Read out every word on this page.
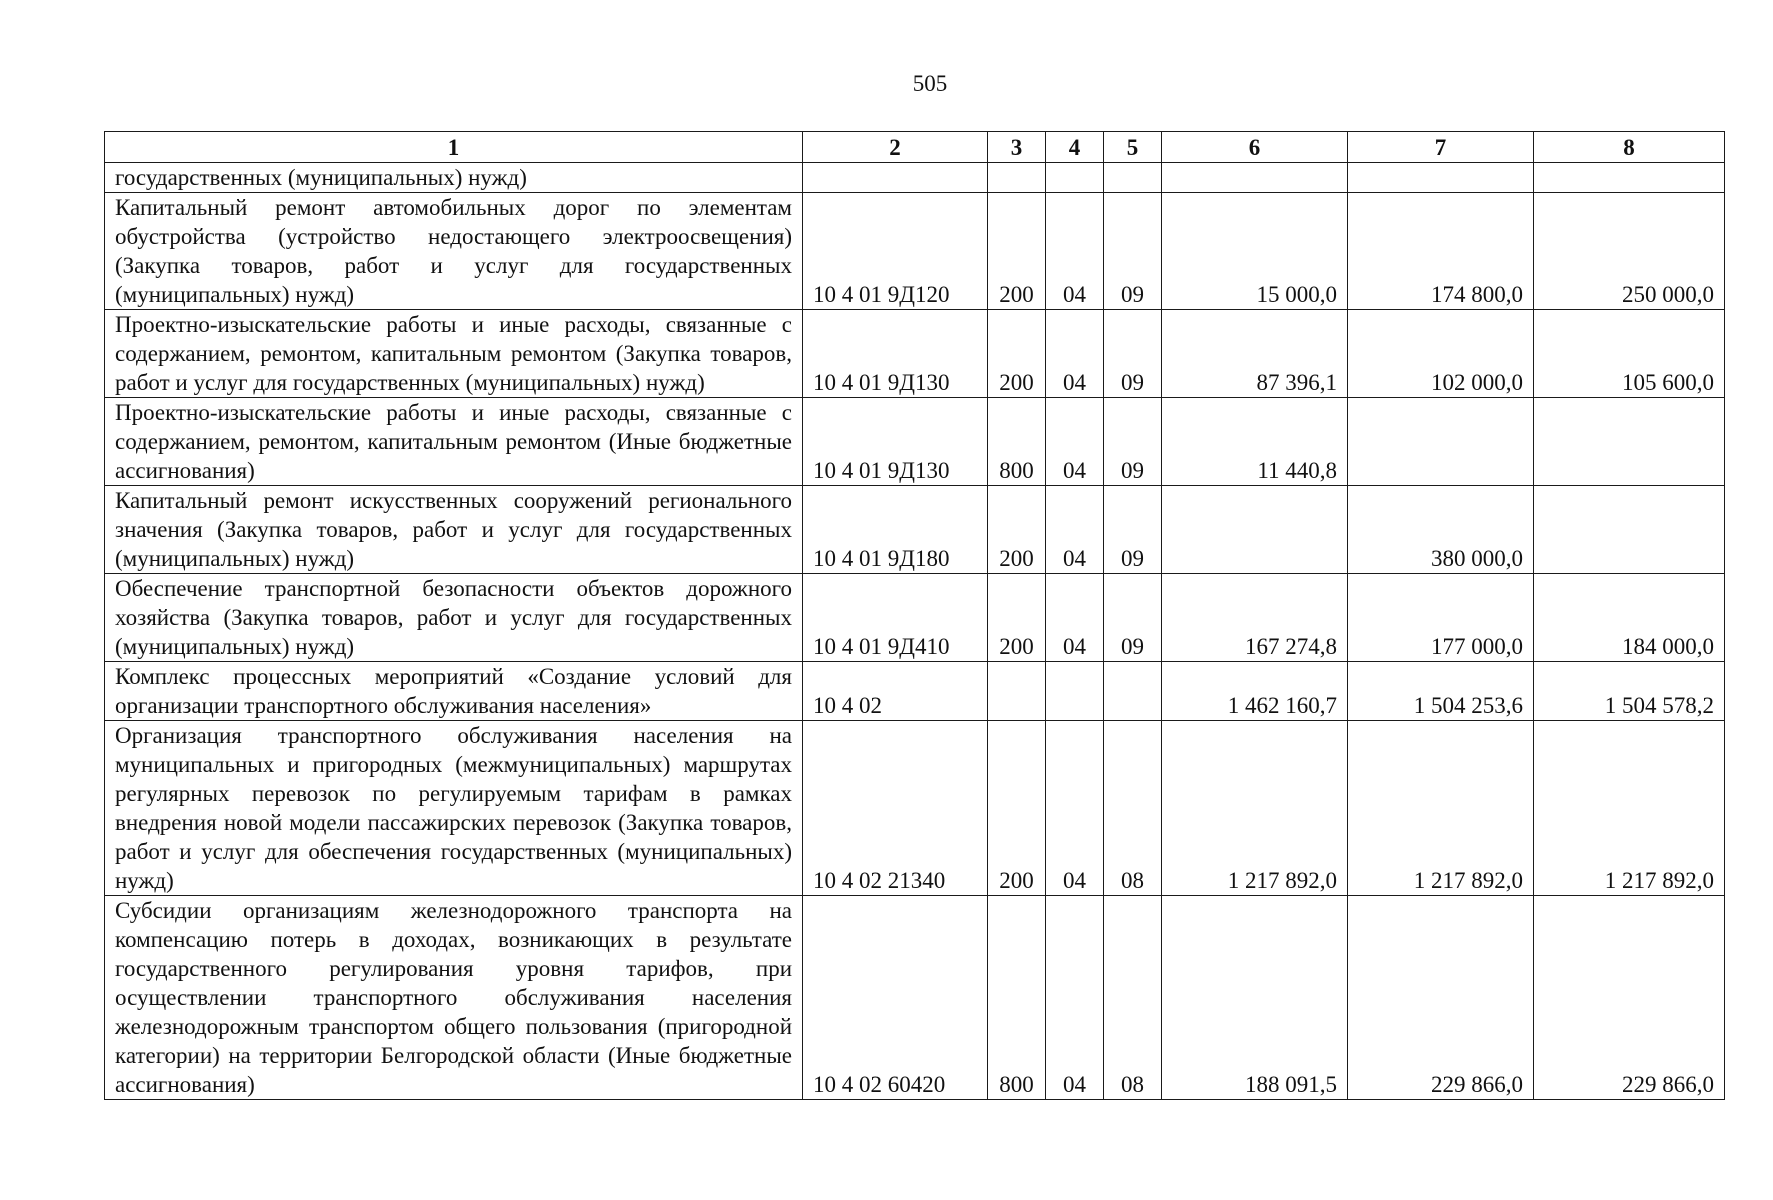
505
1	2	3	4	5	6	7	8
государственных (муниципальных) нужд)							
Капитальный ремонт автомобильных дорог по элементам обустройства (устройство недостающего электроосвещения) (Закупка товаров, работ и услуг для государственных (муниципальных) нужд)	10 4 01 9Д120	200	04	09	15 000,0	174 800,0	250 000,0
Проектно-изыскательские работы и иные расходы, связанные с содержанием, ремонтом, капитальным ремонтом (Закупка товаров, работ и услуг для государственных (муниципальных) нужд)	10 4 01 9Д130	200	04	09	87 396,1	102 000,0	105 600,0
Проектно-изыскательские работы и иные расходы, связанные с содержанием, ремонтом, капитальным ремонтом (Иные бюджетные ассигнования)	10 4 01 9Д130	800	04	09	11 440,8		
Капитальный ремонт искусственных сооружений регионального значения (Закупка товаров, работ и услуг для государственных (муниципальных) нужд)	10 4 01 9Д180	200	04	09		380 000,0	
Обеспечение транспортной безопасности объектов дорожного хозяйства (Закупка товаров, работ и услуг для государственных (муниципальных) нужд)	10 4 01 9Д410	200	04	09	167 274,8	177 000,0	184 000,0
Комплекс процессных мероприятий «Создание условий для организации транспортного обслуживания населения»	10 4 02				1 462 160,7	1 504 253,6	1 504 578,2
Организация транспортного обслуживания населения на муниципальных и пригородных (межмуниципальных) маршрутах регулярных перевозок по регулируемым тарифам в рамках внедрения новой модели пассажирских перевозок (Закупка товаров, работ и услуг для обеспечения государственных (муниципальных) нужд)	10 4 02 21340	200	04	08	1 217 892,0	1 217 892,0	1 217 892,0
Субсидии организациям железнодорожного транспорта на компенсацию потерь в доходах, возникающих в результате государственного регулирования уровня тарифов, при осуществлении транспортного обслуживания населения железнодорожным транспортом общего пользования (пригородной категории) на территории Белгородской области (Иные бюджетные ассигнования)	10 4 02 60420	800	04	08	188 091,5	229 866,0	229 866,0
